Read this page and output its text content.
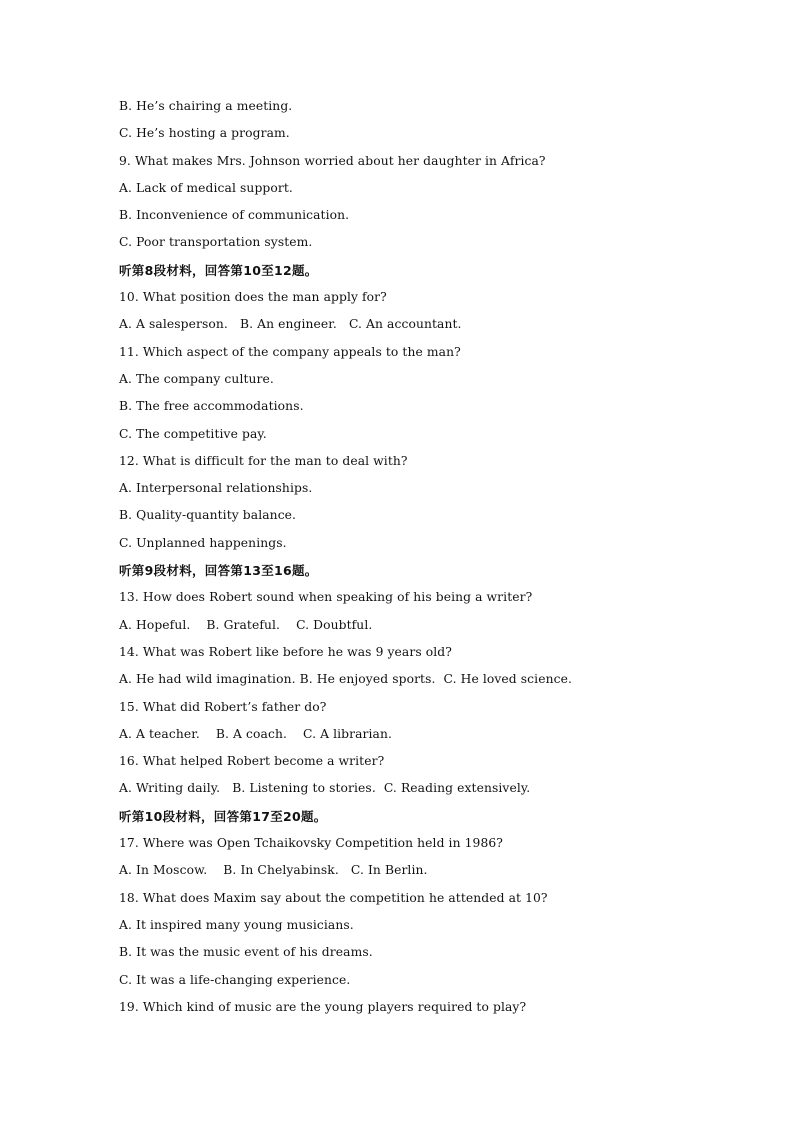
B. He’s chairing a meeting.
C. He’s hosting a program.
9. What makes Mrs. Johnson worried about her daughter in Africa?
A. Lack of medical support.
B. Inconvenience of communication.
C. Poor transportation system.
听第8段材料，回答第10至12题。
10. What position does the man apply for?
A. A salesperson.   B. An engineer.   C. An accountant.
11. Which aspect of the company appeals to the man?
A. The company culture.
B. The free accommodations.
C. The competitive pay.
12. What is difficult for the man to deal with?
A. Interpersonal relationships.
B. Quality-quantity balance.
C. Unplanned happenings.
听第9段材料，回答第13至16题。
13. How does Robert sound when speaking of his being a writer?
A. Hopeful.    B. Grateful.    C. Doubtful.
14. What was Robert like before he was 9 years old?
A. He had wild imagination. B. He enjoyed sports.  C. He loved science.
15. What did Robert’s father do?
A. A teacher.    B. A coach.    C. A librarian.
16. What helped Robert become a writer?
A. Writing daily.   B. Listening to stories.  C. Reading extensively.
听第10段材料，回答第17至20题。
17. Where was Open Tchaikovsky Competition held in 1986?
A. In Moscow.    B. In Chelyabinsk.   C. In Berlin.
18. What does Maxim say about the competition he attended at 10?
A. It inspired many young musicians.
B. It was the music event of his dreams.
C. It was a life-changing experience.
19. Which kind of music are the young players required to play?
